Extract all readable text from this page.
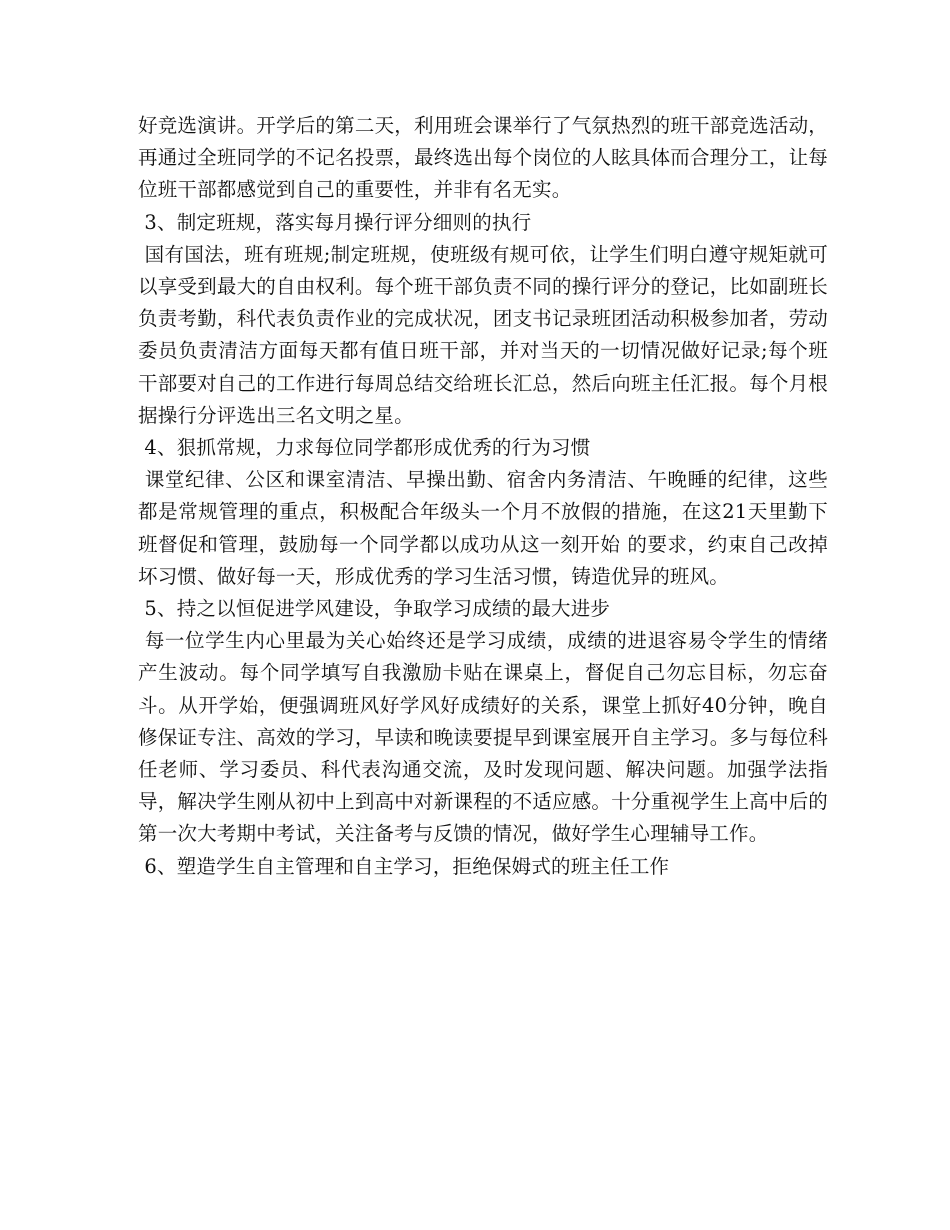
好竞选演讲。开学后的第二天，利用班会课举行了气氛热烈的班干部竞选活动，再通过全班同学的不记名投票，最终选出每个岗位的人眩具体而合理分工，让每位班干部都感觉到自己的重要性，并非有名无实。

3、制定班规，落实每月操行评分细则的执行

国有国法，班有班规;制定班规，使班级有规可依，让学生们明白遵守规矩就可以享受到最大的自由权利。每个班干部负责不同的操行评分的登记，比如副班长负责考勤，科代表负责作业的完成状况，团支书记录班团活动积极参加者，劳动委员负责清洁方面每天都有值日班干部，并对当天的一切情况做好记录;每个班干部要对自己的工作进行每周总结交给班长汇总，然后向班主任汇报。每个月根据操行分评选出三名文明之星。

4、狠抓常规，力求每位同学都形成优秀的行为习惯

课堂纪律、公区和课室清洁、早操出勤、宿舍内务清洁、午晚睡的纪律，这些都是常规管理的重点，积极配合年级头一个月不放假的措施，在这21天里勤下班督促和管理，鼓励每一个同学都以成功从这一刻开始 的要求，约束自己改掉坏习惯、做好每一天，形成优秀的学习生活习惯，铸造优异的班风。

5、持之以恒促进学风建设，争取学习成绩的最大进步

每一位学生内心里最为关心始终还是学习成绩，成绩的进退容易令学生的情绪产生波动。每个同学填写自我激励卡贴在课桌上，督促自己勿忘目标，勿忘奋斗。从开学始，便强调班风好学风好成绩好的关系，课堂上抓好40分钟，晚自修保证专注、高效的学习，早读和晚读要提早到课室展开自主学习。多与每位科任老师、学习委员、科代表沟通交流，及时发现问题、解决问题。加强学法指导，解决学生刚从初中上到高中对新课程的不适应感。十分重视学生上高中后的第一次大考期中考试，关注备考与反馈的情况，做好学生心理辅导工作。

6、塑造学生自主管理和自主学习，拒绝保姆式的班主任工作
